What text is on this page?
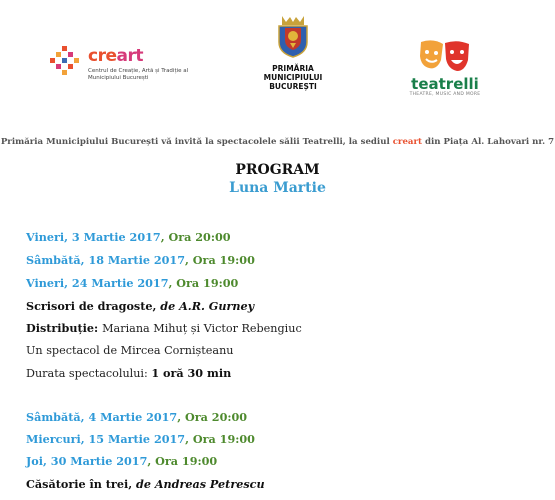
creart
Centrul de Creație, Artă și Tradiție al Municipiului București
PRIMĂRIA
MUNICIPIULUI
BUCUREȘTI	teatrelli
THEATRE, MUSIC AND MORE
Primăria Municipiului București vă invită la spectacolele sălii Teatrelli, la sediul creart din Piața Al. Lahovari nr. 7
PROGRAM
Luna Martie
Vineri, 3 Martie 2017, Ora 20:00
Sâmbătă, 18 Martie 2017, Ora 19:00
Vineri, 24 Martie 2017, Ora 19:00
Scrisori de dragoste, de A.R. Gurney
Distribuție: Mariana Mihuț și Victor Rebengiuc
Un spectacol de Mircea Cornișteanu
Durata spectacolului: 1 oră 30 min
Sâmbătă, 4 Martie 2017, Ora 20:00
Miercuri, 15 Martie 2017, Ora 19:00
Joi, 30 Martie 2017, Ora 19:00
Căsătorie în trei, de Andreas Petrescu
